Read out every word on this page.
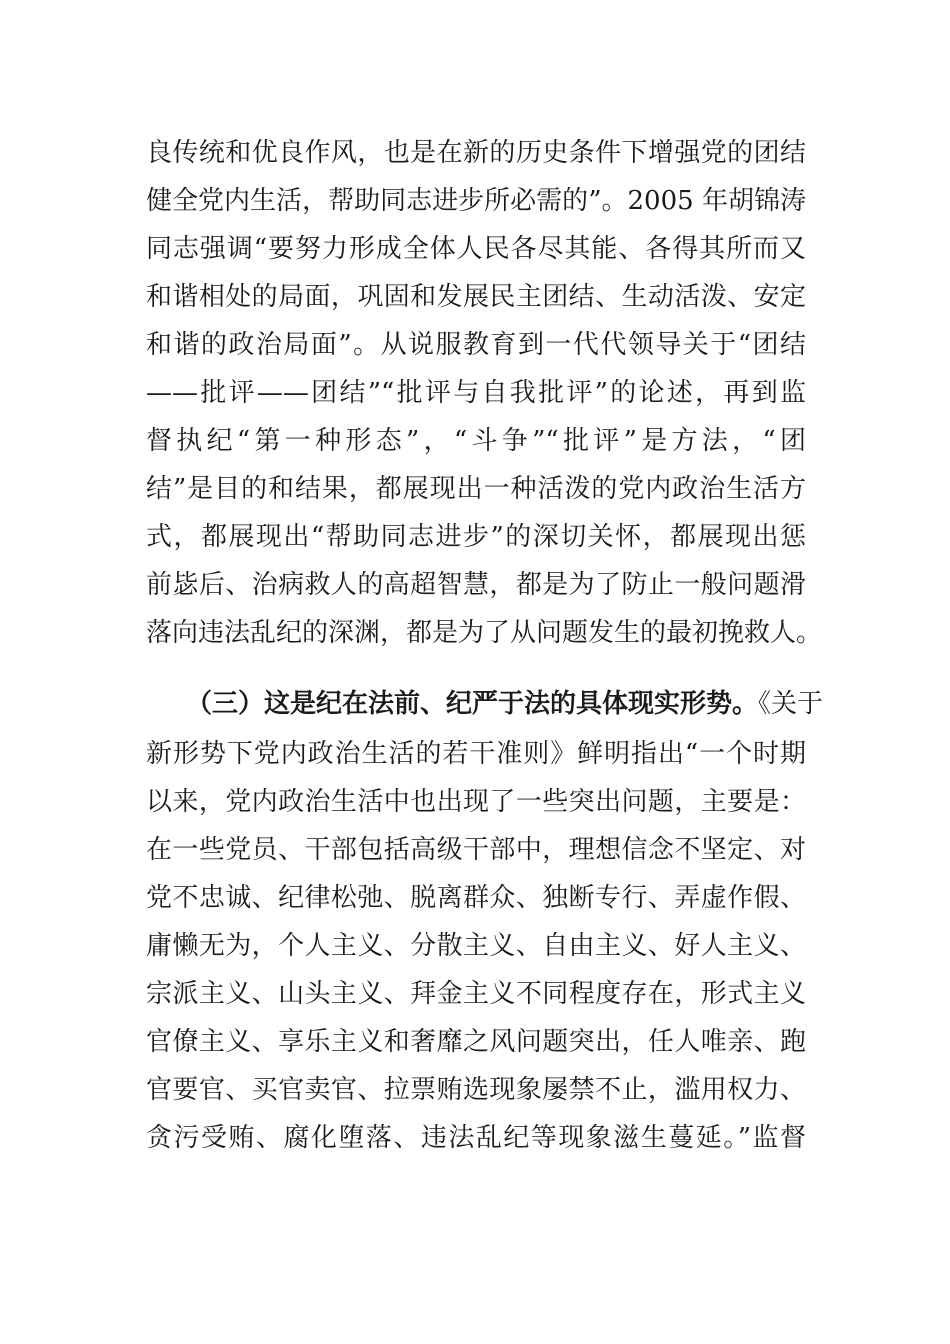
良传统和优良作风，也是在新的历史条件下增强党的团结
健全党内生活，帮助同志进步所必需的”。2005 年胡锦涛
同志强调“要努力形成全体人民各尽其能、各得其所而又
和谐相处的局面，巩固和发展民主团结、生动活泼、安定
和谐的政治局面”。从说服教育到一代代领导关于“团结
——批评——团结”“批评与自我批评”的论述，再到监
督执纪“第一种形态”，“斗争”“批评”是方法，“团
结”是目的和结果，都展现出一种活泼的党内政治生活方
式，都展现出“帮助同志进步”的深切关怀，都展现出惩
前毖后、治病救人的高超智慧，都是为了防止一般问题滑
落向违法乱纪的深渊，都是为了从问题发生的最初挽救人。
（三）这是纪在法前、纪严于法的具体现实形势。《关于
新形势下党内政治生活的若干准则》鲜明指出“一个时期
以来，党内政治生活中也出现了一些突出问题，主要是：
在一些党员、干部包括高级干部中，理想信念不坚定、对
党不忠诚、纪律松弛、脱离群众、独断专行、弄虚作假、
庸懒无为，个人主义、分散主义、自由主义、好人主义、
宗派主义、山头主义、拜金主义不同程度存在，形式主义
官僚主义、享乐主义和奢靡之风问题突出，任人唯亲、跑
官要官、买官卖官、拉票贿选现象屡禁不止，滥用权力、
贪污受贿、腐化堕落、违法乱纪等现象滋生蔓延。”监督
